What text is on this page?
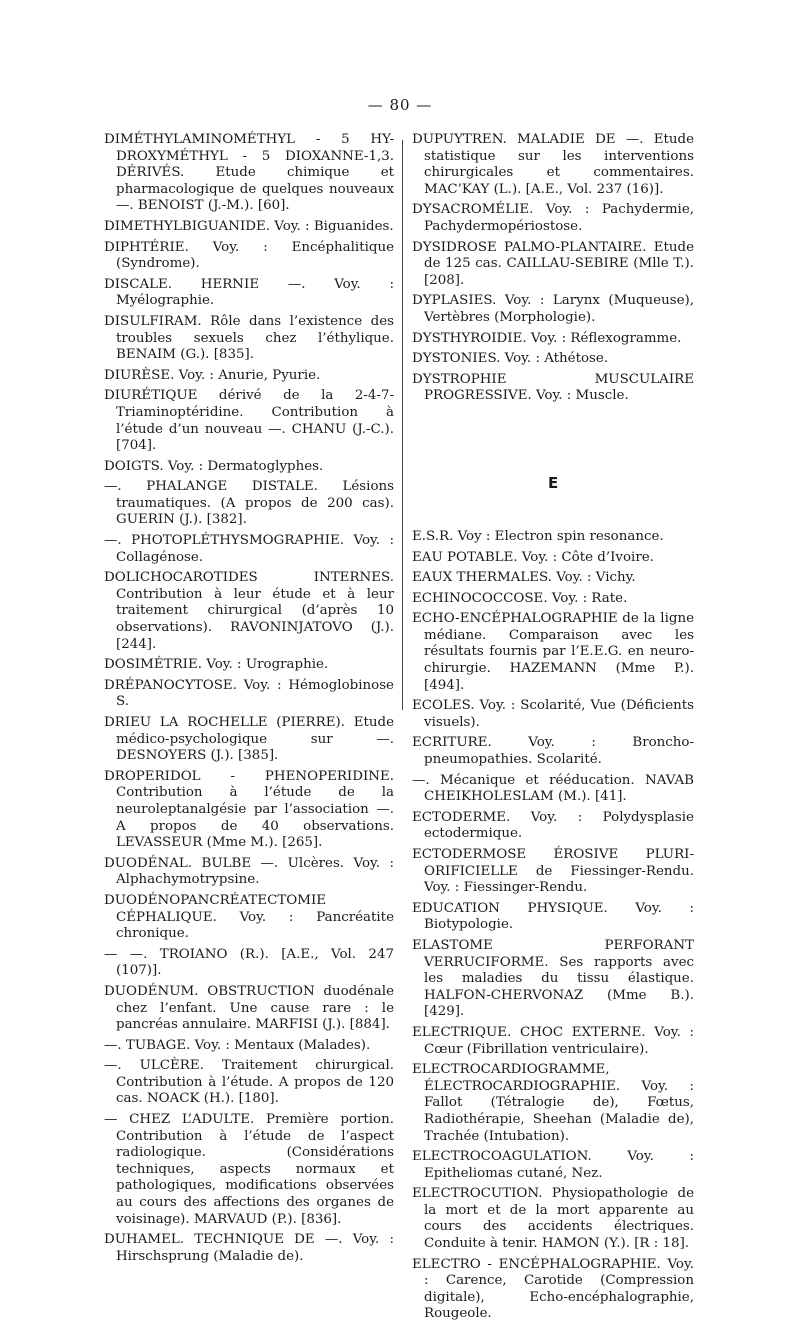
— 80 —

DIMÉTHYLAMINOMÉTHYL - 5 HY-DROXYMÉTHYL - 5 DIOXANNE-1,3. DÉRIVÉS. Etude chimique et pharmacologique de quelques nouveaux —. BENOIST (J.-M.). [60].

DIMETHYLBIGUANIDE. Voy. : Biguanides.

DIPHTÉRIE. Voy. : Encéphalitique (Syndrome).

DISCALE. HERNIE —. Voy. : Myélographie.

DISULFIRAM. Rôle dans l’existence des troubles sexuels chez l’éthylique. BENAIM (G.). [835].

DIURÈSE. Voy. : Anurie, Pyurie.

DIURÉTIQUE dérivé de la 2-4-7-Triaminoptéridine. Contribution à l’étude d’un nouveau —. CHANU (J.-C.). [704].

DOIGTS. Voy. : Dermatoglyphes.

—. PHALANGE DISTALE. Lésions traumatiques. (A propos de 200 cas). GUERIN (J.). [382].

—. PHOTOPLÉTHYSMOGRAPHIE. Voy. : Collagénose.

DOLICHOCAROTIDES INTERNES. Contribution à leur étude et à leur traitement chirurgical (d’après 10 observations). RAVONINJATOVO (J.). [244].

DOSIMÉTRIE. Voy. : Urographie.

DRÉPANOCYTOSE. Voy. : Hémoglobinose S.

DRIEU LA ROCHELLE (PIERRE). Etude médico-psychologique sur —. DESNOYERS (J.). [385].

DROPERIDOL - PHENOPERIDINE. Contribution à l’étude de la neuroleptanalgésie par l’association —. A propos de 40 observations. LEVASSEUR (Mme M.). [265].

DUODÉNAL. BULBE —. Ulcères. Voy. : Alphachymotrypsine.

DUODÉNOPANCRÉATECTOMIE CÉPHALIQUE. Voy. : Pancréatite chronique.

— —. TROIANO (R.). [A.E., Vol. 247 (107)].

DUODÉNUM. OBSTRUCTION duodénale chez l’enfant. Une cause rare : le pancréas annulaire. MARFISI (J.). [884].

—. TUBAGE. Voy. : Mentaux (Malades).

—. ULCÈRE. Traitement chirurgical. Contribution à l’étude. A propos de 120 cas. NOACK (H.). [180].

— CHEZ L’ADULTE. Première portion. Contribution à l’étude de l’aspect radiologique. (Considérations techniques, aspects normaux et pathologiques, modifications observées au cours des affections des organes de voisinage). MARVAUD (P.). [836].

DUHAMEL. TECHNIQUE DE —. Voy. : Hirschsprung (Maladie de).

DUPUYTREN. MALADIE DE —. Etude statistique sur les interventions chirurgicales et commentaires. MAC’KAY (L.). [A.E., Vol. 237 (16)].

DYSACROMÉLIE. Voy. : Pachydermie, Pachydermopériostose.

DYSIDROSE PALMO-PLANTAIRE. Etude de 125 cas. CAILLAU-SEBIRE (Mlle T.). [208].

DYPLASIES. Voy. : Larynx (Muqueuse), Vertèbres (Morphologie).

DYSTHYROIDIE. Voy. : Réflexogramme.

DYSTONIES. Voy. : Athétose.

DYSTROPHIE MUSCULAIRE PROGRESSIVE. Voy. : Muscle.

E

E.S.R. Voy : Electron spin resonance.

EAU POTABLE. Voy. : Côte d’Ivoire.

EAUX THERMALES. Voy. : Vichy.

ECHINOCOCCOSE. Voy. : Rate.

ECHO-ENCÉPHALOGRAPHIE de la ligne médiane. Comparaison avec les résultats fournis par l’E.E.G. en neuro-chirurgie. HAZEMANN (Mme P.). [494].

ECOLES. Voy. : Scolarité, Vue (Déficients visuels).

ECRITURE. Voy. : Broncho-pneumopathies. Scolarité.

—. Mécanique et rééducation. NAVAB CHEIKHOLESLAM (M.). [41].

ECTODERME. Voy. : Polydysplasie ectodermique.

ECTODERMOSE ÉROSIVE PLURI-ORIFICIELLE de Fiessinger-Rendu. Voy. : Fiessinger-Rendu.

EDUCATION PHYSIQUE. Voy. : Biotypologie.

ELASTOME PERFORANT VERRUCIFORME. Ses rapports avec les maladies du tissu élastique. HALFON-CHERVONAZ (Mme B.). [429].

ELECTRIQUE. CHOC EXTERNE. Voy. : Cœur (Fibrillation ventriculaire).

ELECTROCARDIOGRAMME, ÉLECTROCARDIOGRAPHIE. Voy. : Fallot (Tétralogie de), Fœtus, Radiothérapie, Sheehan (Maladie de), Trachée (Intubation).

ELECTROCOAGULATION. Voy. : Epitheliomas cutané, Nez.

ELECTROCUTION. Physiopathologie de la mort et de la mort apparente au cours des accidents électriques. Conduite à tenir. HAMON (Y.). [R : 18].

ELECTRO - ENCÉPHALOGRAPHIE. Voy. : Carence, Carotide (Compression digitale), Echo-encéphalographie, Rougeole.
